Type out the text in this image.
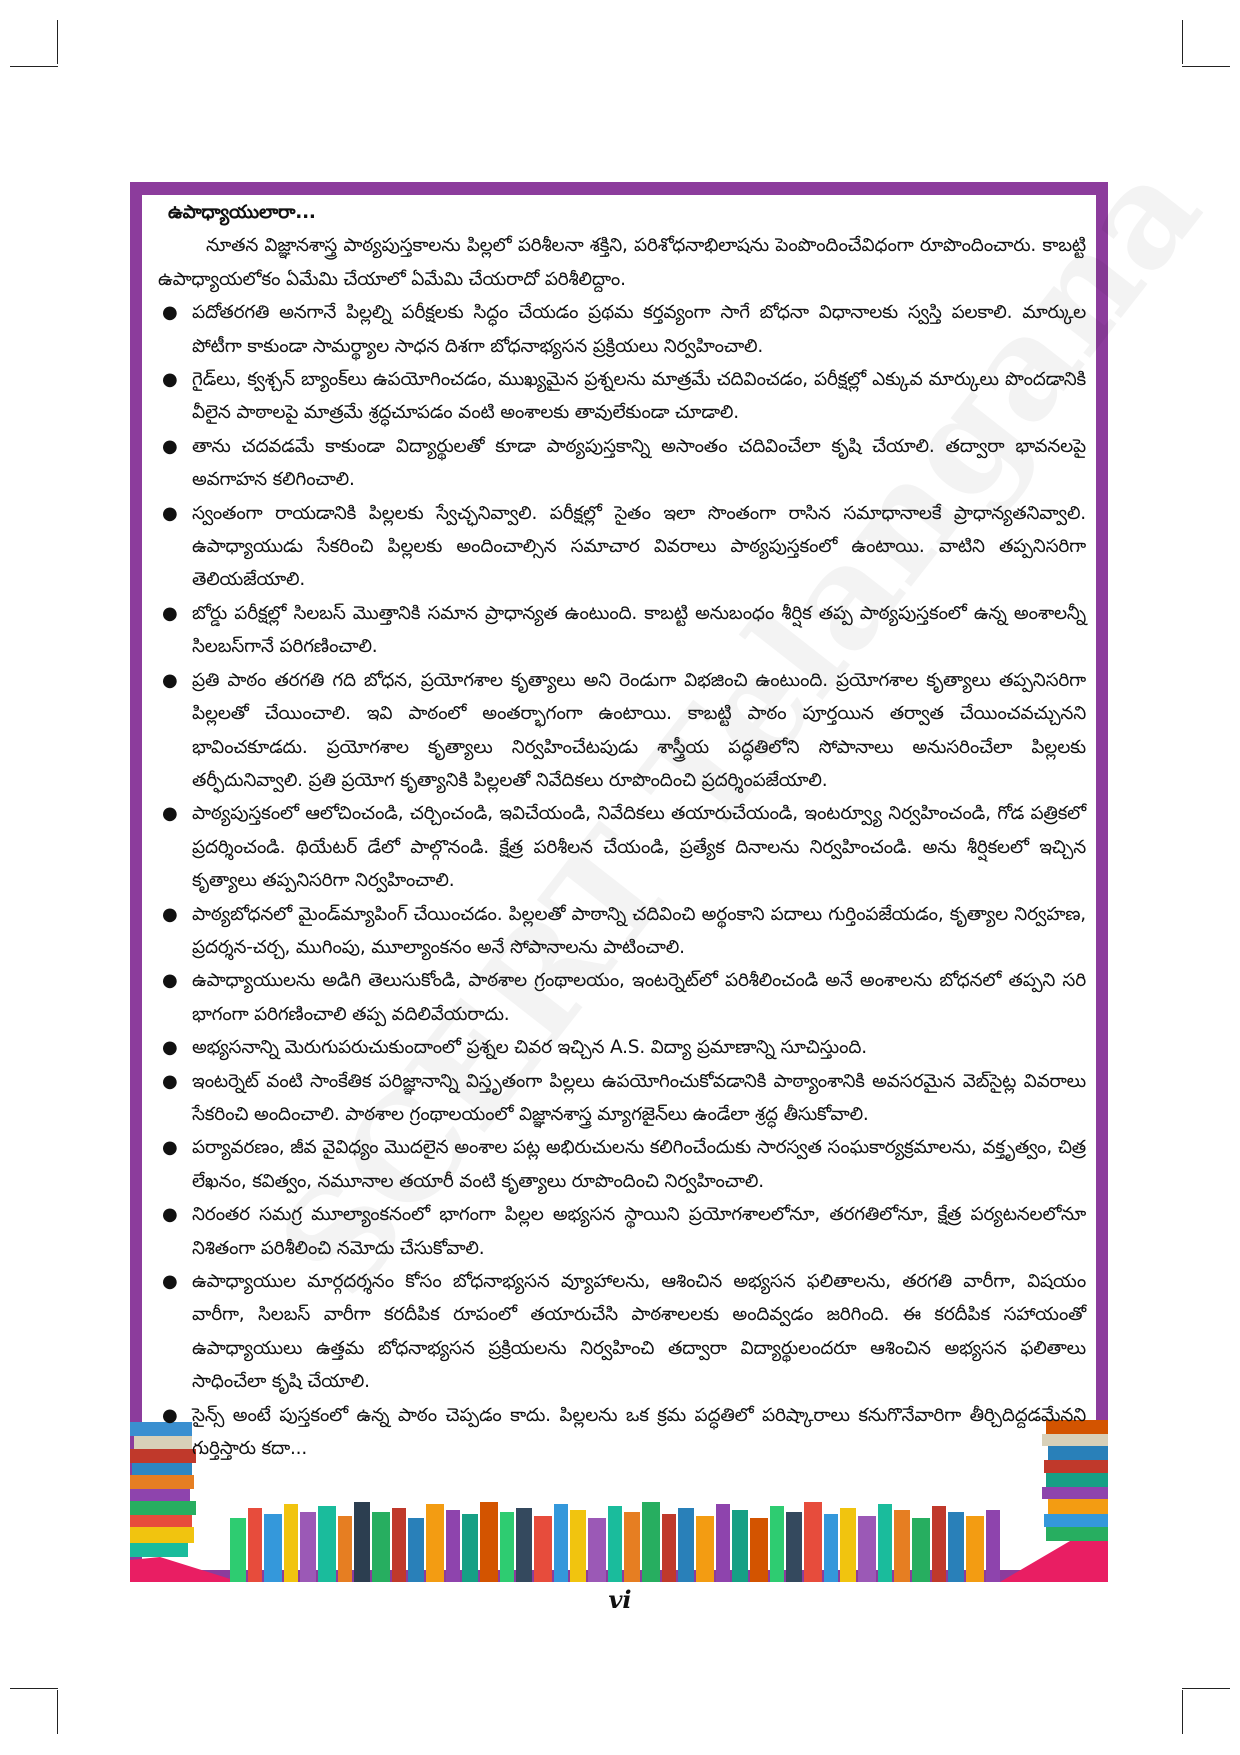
ఉపాధ్యాయులారా...

నూతన విజ్ఞానశాస్త్ర పాఠ్యపుస్తకాలను పిల్లలో పరిశీలనా శక్తిని, పరిశోధనాభిలాషను పెంపొందించేవిధంగా రూపొందించారు. కాబట్టి ఉపాధ్యాయలోకం ఏమేమి చేయాలో ఏమేమి చేయరాదో పరిశీలిద్దాం.

● పదోతరగతి అనగానే పిల్లల్ని పరీక్షలకు సిద్ధం చేయడం ప్రథమ కర్తవ్యంగా సాగే బోధనా విధానాలకు స్వస్తి పలకాలి. మార్కుల పోటీగా కాకుండా సామర్థ్యాల సాధన దిశగా బోధనాభ్యసన ప్రక్రియలు నిర్వహించాలి.
● గైడ్‌లు, క్వశ్చన్ బ్యాంక్‌లు ఉపయోగించడం, ముఖ్యమైన ప్రశ్నలను మాత్రమే చదివించడం, పరీక్షల్లో ఎక్కువ మార్కులు పొందడానికి వీలైన పాఠాలపై మాత్రమే శ్రద్ధచూపడం వంటి అంశాలకు తావులేకుండా చూడాలి.
● తాను చదవడమే కాకుండా విద్యార్థులతో కూడా పాఠ్యపుస్తకాన్ని అసాంతం చదివించేలా కృషి చేయాలి. తద్వారా భావనలపై అవగాహన కలిగించాలి.
● స్వంతంగా రాయడానికి పిల్లలకు స్వేచ్ఛనివ్వాలి. పరీక్షల్లో సైతం ఇలా సొంతంగా రాసిన సమాధానాలకే ప్రాధాన్యతనివ్వాలి. ఉపాధ్యాయుడు సేకరించి పిల్లలకు అందించాల్సిన సమాచార వివరాలు పాఠ్యపుస్తకంలో ఉంటాయి. వాటిని తప్పనిసరిగా తెలియజేయాలి.
● బోర్డు పరీక్షల్లో సిలబస్ మొత్తానికి సమాన ప్రాధాన్యత ఉంటుంది. కాబట్టి అనుబంధం శీర్షిక తప్ప పాఠ్యపుస్తకంలో ఉన్న అంశాలన్నీ సిలబస్‌గానే పరిగణించాలి.
● ప్రతి పాఠం తరగతి గది బోధన, ప్రయోగశాల కృత్యాలు అని రెండుగా విభజించి ఉంటుంది. ప్రయోగశాల కృత్యాలు తప్పనిసరిగా పిల్లలతో చేయించాలి. ఇవి పాఠంలో అంతర్భాగంగా ఉంటాయి. కాబట్టి పాఠం పూర్తయిన తర్వాత చేయించవచ్చునని భావించకూడదు. ప్రయోగశాల కృత్యాలు నిర్వహించేటపుడు శాస్త్రీయ పద్ధతిలోని సోపానాలు అనుసరించేలా పిల్లలకు తర్ఫీదునివ్వాలి. ప్రతి ప్రయోగ కృత్యానికి పిల్లలతో నివేదికలు రూపొందించి ప్రదర్శింపజేయాలి.
● పాఠ్యపుస్తకంలో ఆలోచించండి, చర్చించండి, ఇవిచేయండి, నివేదికలు తయారుచేయండి, ఇంటర్వ్యూ నిర్వహించండి, గోడ పత్రికలో ప్రదర్శించండి. థియేటర్ డేలో పాల్గొనండి. క్షేత్ర పరిశీలన చేయండి, ప్రత్యేక దినాలను నిర్వహించండి. అను శీర్షికలలో ఇచ్చిన కృత్యాలు తప్పనిసరిగా నిర్వహించాలి.
● పాఠ్యబోధనలో మైండ్‌మ్యాపింగ్ చేయించడం. పిల్లలతో పాఠాన్ని చదివించి అర్థంకాని పదాలు గుర్తింపజేయడం, కృత్యాల నిర్వహణ, ప్రదర్శన-చర్చ, ముగింపు, మూల్యాంకనం అనే సోపానాలను పాటించాలి.
● ఉపాధ్యాయులను అడిగి తెలుసుకోండి, పాఠశాల గ్రంథాలయం, ఇంటర్నెట్‌లో పరిశీలించండి అనే అంశాలను బోధనలో తప్పని సరి భాగంగా పరిగణించాలి తప్ప వదిలివేయరాదు.
● అభ్యసనాన్ని మెరుగుపరుచుకుందాంలో ప్రశ్నల చివర ఇచ్చిన A.S. విద్యా ప్రమాణాన్ని సూచిస్తుంది.
● ఇంటర్నెట్ వంటి సాంకేతిక పరిజ్ఞానాన్ని విస్తృతంగా పిల్లలు ఉపయోగించుకోవడానికి పాఠ్యాంశానికి అవసరమైన వెబ్‌సైట్ల వివరాలు సేకరించి అందించాలి. పాఠశాల గ్రంథాలయంలో విజ్ఞానశాస్త్ర మ్యాగజైన్‌లు ఉండేలా శ్రద్ధ తీసుకోవాలి.
● పర్యావరణం, జీవ వైవిధ్యం మొదలైన అంశాల పట్ల అభిరుచులను కలిగించేందుకు సారస్వత సంఘకార్యక్రమాలను, వక్తృత్వం, చిత్ర లేఖనం, కవిత్వం, నమూనాల తయారీ వంటి కృత్యాలు రూపొందించి నిర్వహించాలి.
● నిరంతర సమగ్ర మూల్యాంకనంలో భాగంగా పిల్లల అభ్యసన స్థాయిని ప్రయోగశాలలోనూ, తరగతిలోనూ, క్షేత్ర పర్యటనలలోనూ నిశితంగా పరిశీలించి నమోదు చేసుకోవాలి.
● ఉపాధ్యాయుల మార్గదర్శనం కోసం బోధనాభ్యసన వ్యూహాలను, ఆశించిన అభ్యసన ఫలితాలను, తరగతి వారీగా, విషయం వారీగా, సిలబస్ వారీగా కరదీపిక రూపంలో తయారుచేసి పాఠశాలలకు అందివ్వడం జరిగింది. ఈ కరదీపిక సహాయంతో ఉపాధ్యాయులు ఉత్తమ బోధనాభ్యసన ప్రక్రియలను నిర్వహించి తద్వారా విద్యార్థులందరూ ఆశించిన అభ్యసన ఫలితాలు సాధించేలా కృషి చేయాలి.
● సైన్స్ అంటే పుస్తకంలో ఉన్న పాఠం చెప్పడం కాదు. పిల్లలను ఒక క్రమ పద్ధతిలో పరిష్కారాలు కనుగొనేవారిగా తీర్చిదిద్దడమేనని గుర్తిస్తారు కదా...
vi
